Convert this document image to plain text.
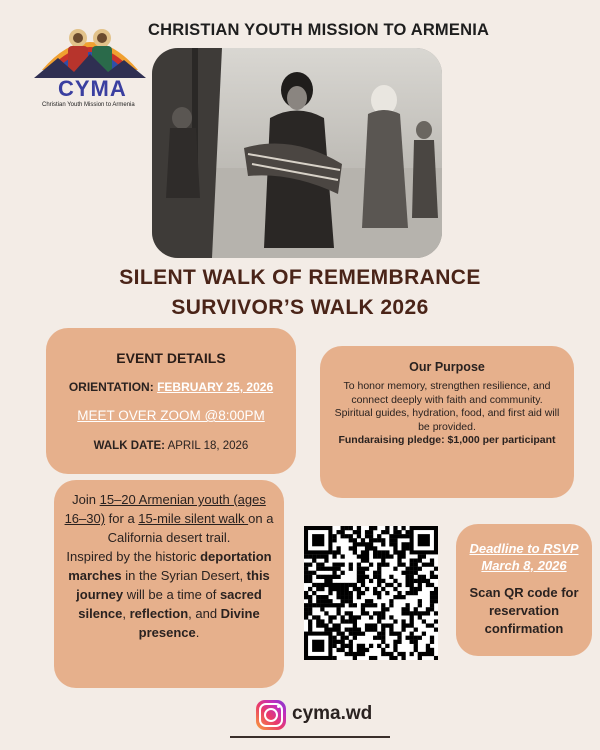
CYMA
Christian Youth Mission to Armenia
CHRISTIAN YOUTH MISSION TO ARMENIA
SILENT WALK OF REMEMBRANCE
SURVIVOR’S WALK 2026
EVENT DETAILS
ORIENTATION: FEBRUARY 25, 2026
MEET OVER ZOOM @8:00PM
WALK DATE: APRIL 18, 2026
Our Purpose
To honor memory, strengthen resilience, and connect deeply with faith and community.
Spiritual guides, hydration, food, and first aid will be provided.
Fundaraising pledge: $1,000 per participant
Join 15–20 Armenian youth (ages 16–30) for a 15-mile silent walk on a California desert trail.
Inspired by the historic deportation marches in the Syrian Desert, this journey will be a time of sacred silence, reflection, and Divine presence.
Deadline to RSVP March 8, 2026
Scan QR code for reservation confirmation
cyma.wd
